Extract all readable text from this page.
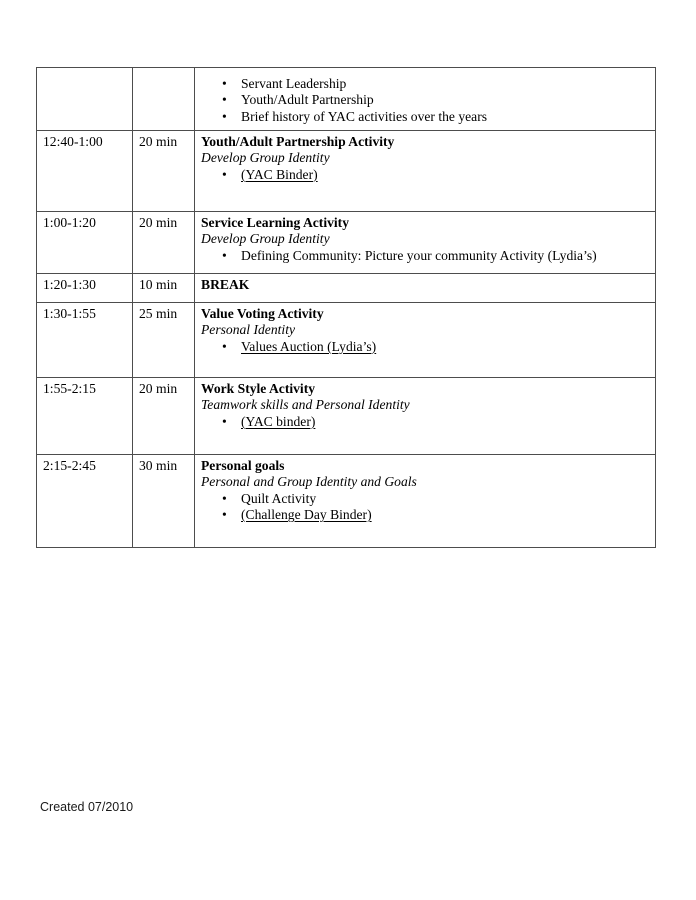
• Servant Leadership
• Youth/Adult Partnership
• Brief history of YAC activities over the years

12:40-1:00	20 min	Youth/Adult Partnership Activity
Develop Group Identity
• (YAC Binder)

1:00-1:20	20 min	Service Learning Activity
Develop Group Identity
• Defining Community: Picture your community Activity (Lydia’s)

1:20-1:30	10 min	BREAK

1:30-1:55	25 min	Value Voting Activity
Personal Identity
• Values Auction (Lydia’s)

1:55-2:15	20 min	Work Style Activity
Teamwork skills and Personal Identity
• (YAC binder)

2:15-2:45	30 min	Personal goals
Personal and Group Identity and Goals
• Quilt Activity
• (Challenge Day Binder)
Created 07/2010
